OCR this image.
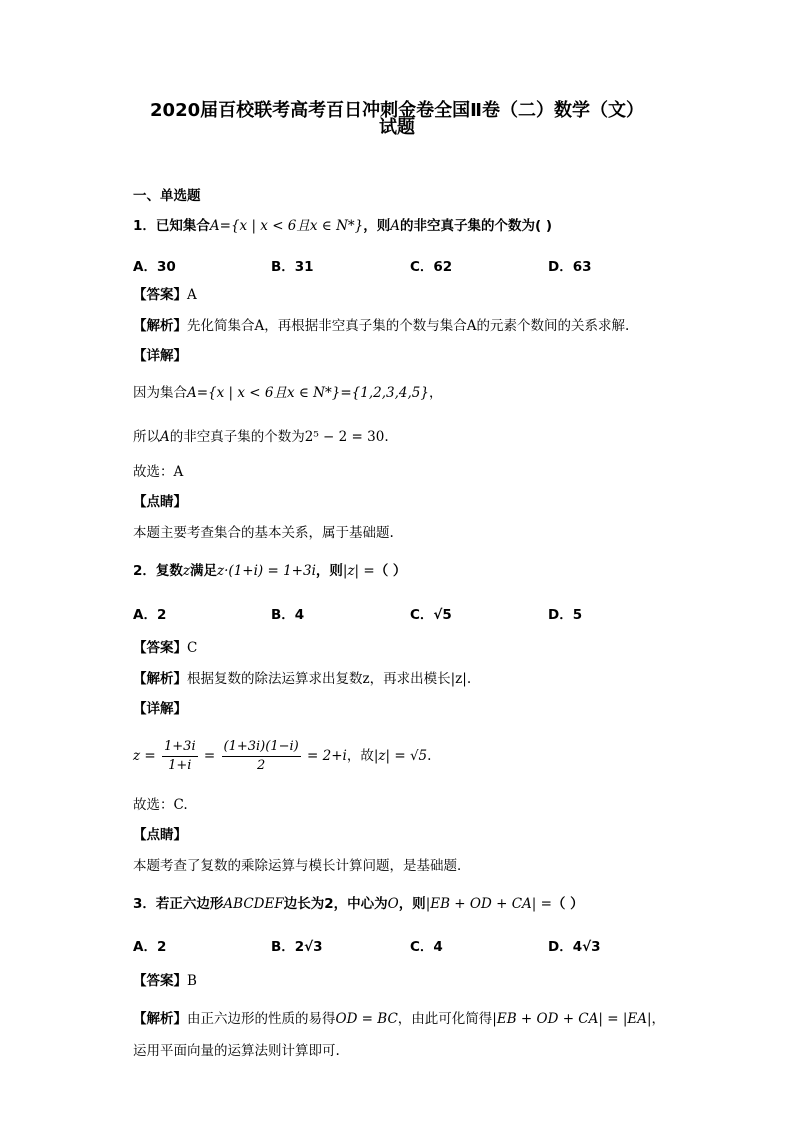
2020届百校联考高考百日冲刺金卷全国Ⅱ卷（二）数学（文）
试题
一、单选题
1．已知集合A={x | x < 6且x ∈ N*}，则A的非空真子集的个数为( )
A．30	B．31	C．62	D．63
【答案】A
【解析】先化简集合A，再根据非空真子集的个数与集合A的元素个数间的关系求解.
【详解】
因为集合A={x | x < 6且x ∈ N*}={1,2,3,4,5}，
所以A的非空真子集的个数为2⁵ − 2 = 30.
故选：A
【点睛】
本题主要考查集合的基本关系，属于基础题.
2．复数z满足z·(1+i) = 1+3i，则|z| =（ ）
A．2	B．4	C．√5	D．5
【答案】C
【解析】根据复数的除法运算求出复数z，再求出模长|z|.
【详解】
$z = \frac{1+3i}{1+i} = \frac{(1+3i)(1-i)}{2} = 2+i$，故|z| = √5.
故选：C.
【点睛】
本题考查了复数的乘除运算与模长计算问题，是基础题．
3．若正六边形ABCDEF边长为2，中心为O，则|EB + OD + CA| =（ ）
A．2	B．2√3	C．4	D．4√3
【答案】B
【解析】由正六边形的性质的易得OD = BC，由此可化简得|EB + OD + CA| = |EA|，
运用平面向量的运算法则计算即可.
